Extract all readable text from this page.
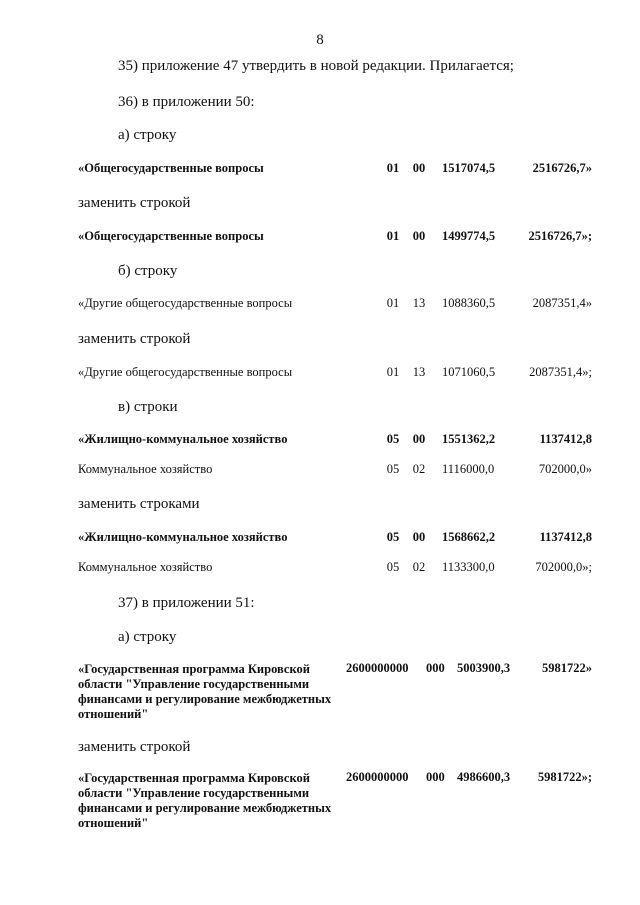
8
35) приложение 47 утвердить в новой редакции. Прилагается;
36) в приложении 50:
а) строку
«Общегосударственные вопросы	01	00	1517074,5	2516726,7»
заменить строкой
«Общегосударственные вопросы	01	00	1499774,5	2516726,7»;
б) строку
«Другие общегосударственные вопросы	01	13	1088360,5	2087351,4»
заменить строкой
«Другие общегосударственные вопросы	01	13	1071060,5	2087351,4»;
в) строки
«Жилищно-коммунальное хозяйство	05	00	1551362,2	1137412,8
Коммунальное хозяйство	05	02	1116000,0	702000,0»
заменить строками
«Жилищно-коммунальное хозяйство	05	00	1568662,2	1137412,8
Коммунальное хозяйство	05	02	1133300,0	702000,0»;
37) в приложении 51:
а) строку
«Государственная программа Кировской области "Управление государственными финансами и регулирование межбюджетных отношений"
2600000000 000 5003900,3	5981722»
заменить строкой
«Государственная программа Кировской области "Управление государственными финансами и регулирование межбюджетных отношений"
2600000000 000 4986600,3	5981722»;
